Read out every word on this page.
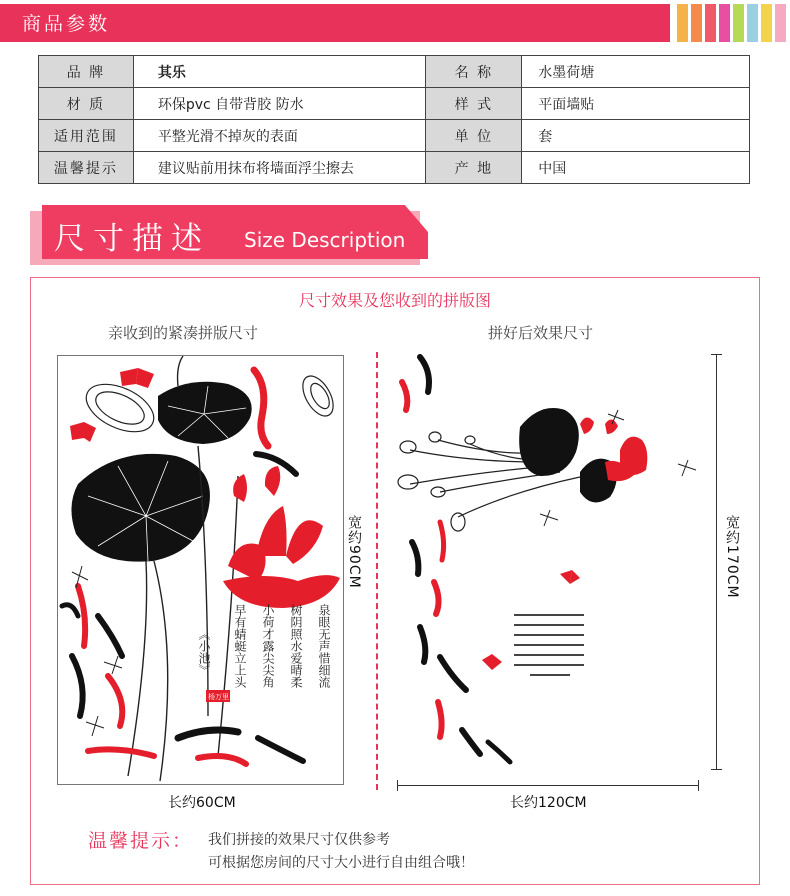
商品参数
品 牌	其乐	名 称	水墨荷塘
材 质	环保pvc 自带背胶 防水	样 式	平面墙贴
适用范围	平整光滑不掉灰的表面	单 位	套
温馨提示	建议贴前用抹布将墙面浮尘擦去	产 地	中国
尺寸描述 Size Description
尺寸效果及您收到的拼版图
亲收到的紧凑拼版尺寸	拼好后效果尺寸
泉眼无声惜细流
树阴照水爱晴柔
小荷才露尖尖角
早有蜻蜓立上头
《小池》
杨万里
宽约90CM
长约60CM
宽约170CM
长约120CM
温馨提示： 我们拼接的效果尺寸仅供参考
可根据您房间的尺寸大小进行自由组合哦！
